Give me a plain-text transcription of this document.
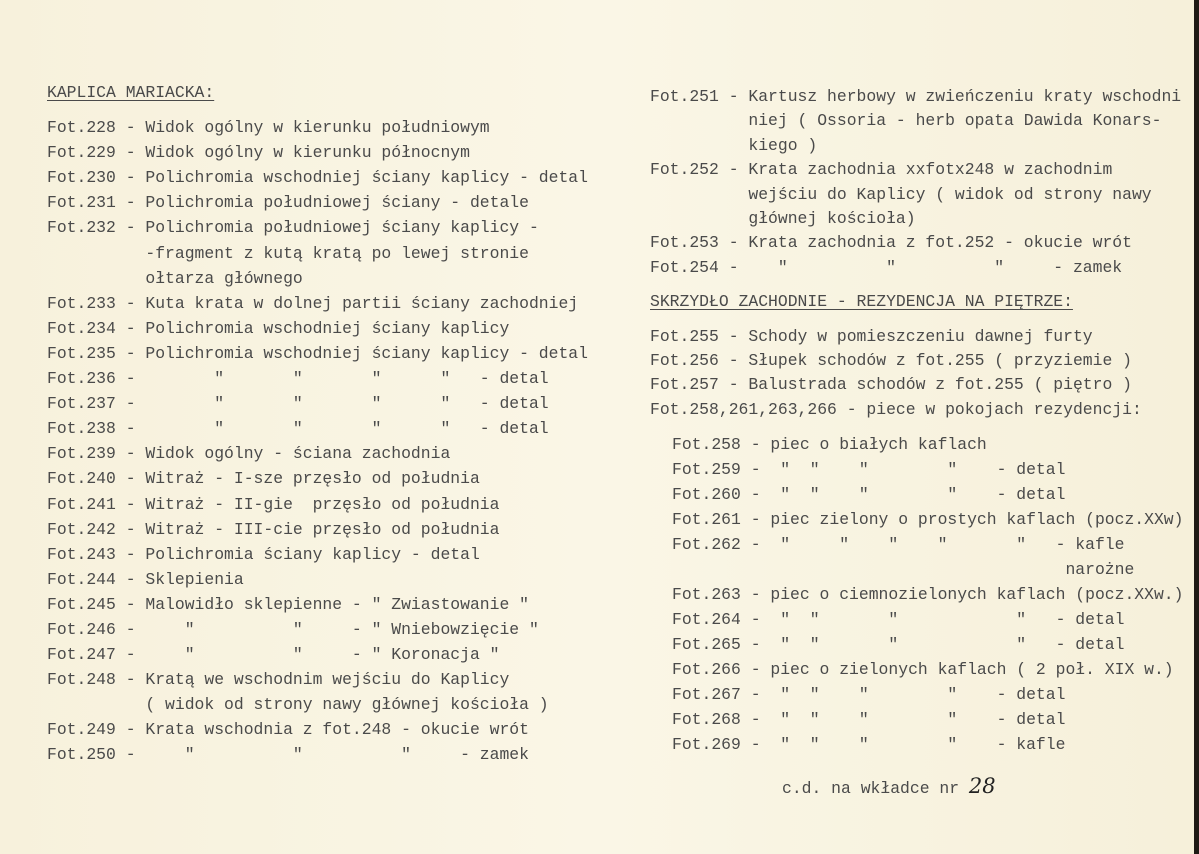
KAPLICA MARIACKA:
Fot.228 - Widok ogólny w kierunku południowym
Fot.229 - Widok ogólny w kierunku północnym
Fot.230 - Polichromia wschodniej ściany kaplicy - detal
Fot.231 - Polichromia południowej ściany - detale
Fot.232 - Polichromia południowej ściany kaplicy -
-fragment z kutą kratą po lewej stronie
ołtarza głównego
Fot.233 - Kuta krata w dolnej partii ściany zachodniej
Fot.234 - Polichromia wschodniej ściany kaplicy
Fot.235 - Polichromia wschodniej ściany kaplicy - detal
Fot.236 -        "       "       "      "   - detal
Fot.237 -        "       "       "      "   - detal
Fot.238 -        "       "       "      "   - detal
Fot.239 - Widok ogólny - ściana zachodnia
Fot.240 - Witraż - I-sze przęsło od południa
Fot.241 - Witraż - II-gie  przęsło od południa
Fot.242 - Witraż - III-cie przęsło od południa
Fot.243 - Polichromia ściany kaplicy - detal
Fot.244 - Sklepienia
Fot.245 - Malowidło sklepienne - " Zwiastowanie "
Fot.246 -     "          "     - " Wniebowzięcie "
Fot.247 -     "          "     - " Koronacja "
Fot.248 - Kratą we wschodnim wejściu do Kaplicy
( widok od strony nawy głównej kościoła )
Fot.249 - Krata wschodnia z fot.248 - okucie wrót
Fot.250 -     "          "          "     - zamek
Fot.251 - Kartusz herbowy w zwieńczeniu kraty wschodni
niej ( Ossoria - herb opata Dawida Konars-
kiego )
Fot.252 - Krata zachodnia xxfotx248 w zachodnim
wejściu do Kaplicy ( widok od strony nawy
głównej kościoła)
Fot.253 - Krata zachodnia z fot.252 - okucie wrót
Fot.254 -    "          "          "     - zamek
SKRZYDŁO ZACHODNIE - REZYDENCJA NA PIĘTRZE:
Fot.255 - Schody w pomieszczeniu dawnej furty
Fot.256 - Słupek schodów z fot.255 ( przyziemie )
Fot.257 - Balustrada schodów z fot.255 ( piętro )
Fot.258,261,263,266 - piece w pokojach rezydencji:
Fot.258 - piec o białych kaflach
Fot.259 -  "  "    "        "    - detal
Fot.260 -  "  "    "        "    - detal
Fot.261 - piec zielony o prostych kaflach (pocz.XXw)
Fot.262 -  "     "    "    "       "   - kafle
narożne
Fot.263 - piec o ciemnozielonych kaflach (pocz.XXw.)
Fot.264 -  "  "       "            "   - detal
Fot.265 -  "  "       "            "   - detal
Fot.266 - piec o zielonych kaflach ( 2 poł. XIX w.)
Fot.267 -  "  "    "        "    - detal
Fot.268 -  "  "    "        "    - detal
Fot.269 -  "  "    "        "    - kafle
c.d. na wkładce nr 28
